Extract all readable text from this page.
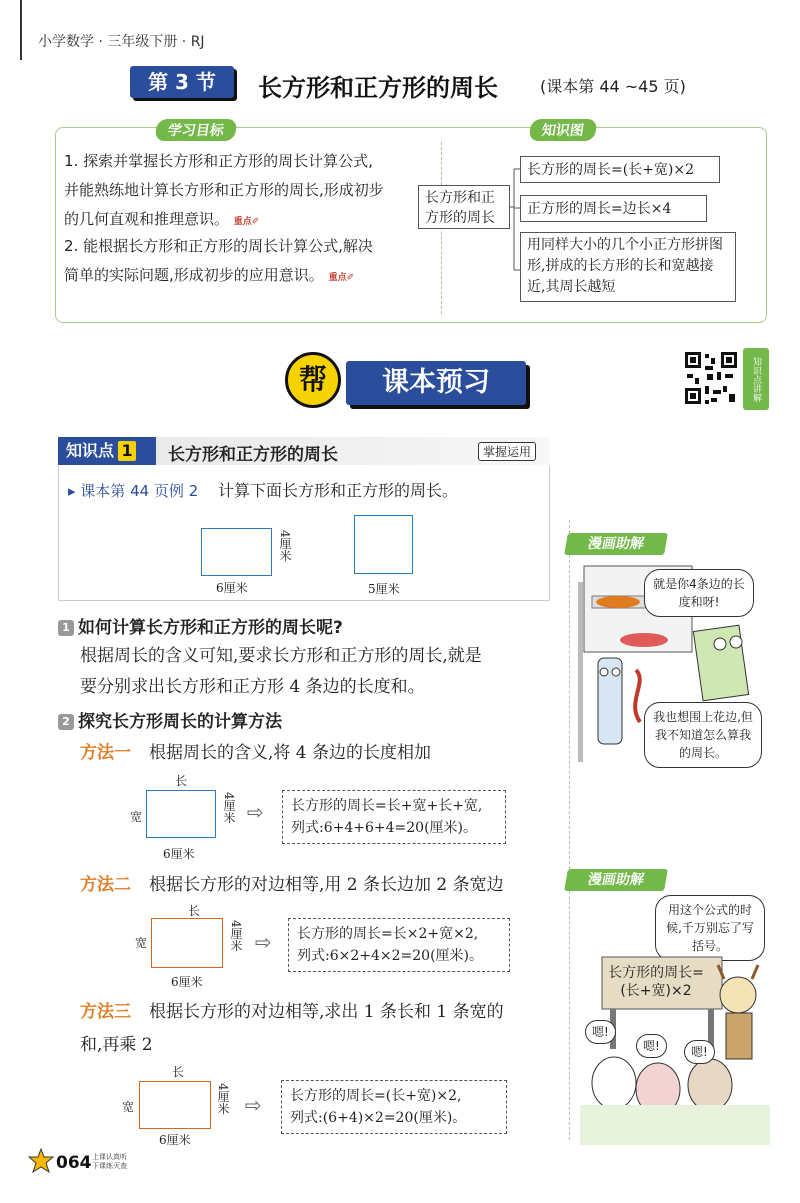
小学数学 · 三年级下册 · RJ
第 3 节	长方形和正方形的周长	(课本第 44 ~45 页)
学习目标	知识图
1. 探索并掌握长方形和正方形的周长计算公式,并能熟练地计算长方形和正方形的周长,形成初步的几何直观和推理意识。 重点✐
2. 能根据长方形和正方形的周长计算公式,解决简单的实际问题,形成初步的应用意识。 重点✐
长方形和正方形的周长
长方形的周长=(长+宽)×2
正方形的周长=边长×4
用同样大小的几个小正方形拼图形,拼成的长方形的长和宽越接近,其周长越短
帮	课本预习	知识点讲解
知识点 1	长方形和正方形的周长	掌握运用
▸ 课本第 44 页例 2 计算下面长方形和正方形的周长。
6厘米
4厘米
5厘米
1 如何计算长方形和正方形的周长呢?
根据周长的含义可知,要求长方形和正方形的周长,就是
要分别求出长方形和正方形 4 条边的长度和。
2 探究长方形周长的计算方法
方法一 根据周长的含义,将 4 条边的长度相加
长
宽	4厘米
6厘米
⇨ 长方形的周长=长+宽+长+宽,
列式:6+4+6+4=20(厘米)。
方法二 根据长方形的对边相等,用 2 条长边加 2 条宽边
长
宽	4厘米
6厘米
⇨ 长方形的周长=长×2+宽×2,
列式:6×2+4×2=20(厘米)。
方法三 根据长方形的对边相等,求出 1 条长和 1 条宽的
和,再乘 2
长
宽	4厘米
6厘米
⇨ 长方形的周长=(长+宽)×2,
列式:(6+4)×2=20(厘米)。
漫画助解
就是你4条边的长度和呀!
我也想围上花边,但我不知道怎么算我的周长。
漫画助解
用这个公式的时候,千万别忘了写括号。
长方形的周长=(长+宽)×2
嗯!
嗯!	嗯!
064 上课认真听
下课练灭查
